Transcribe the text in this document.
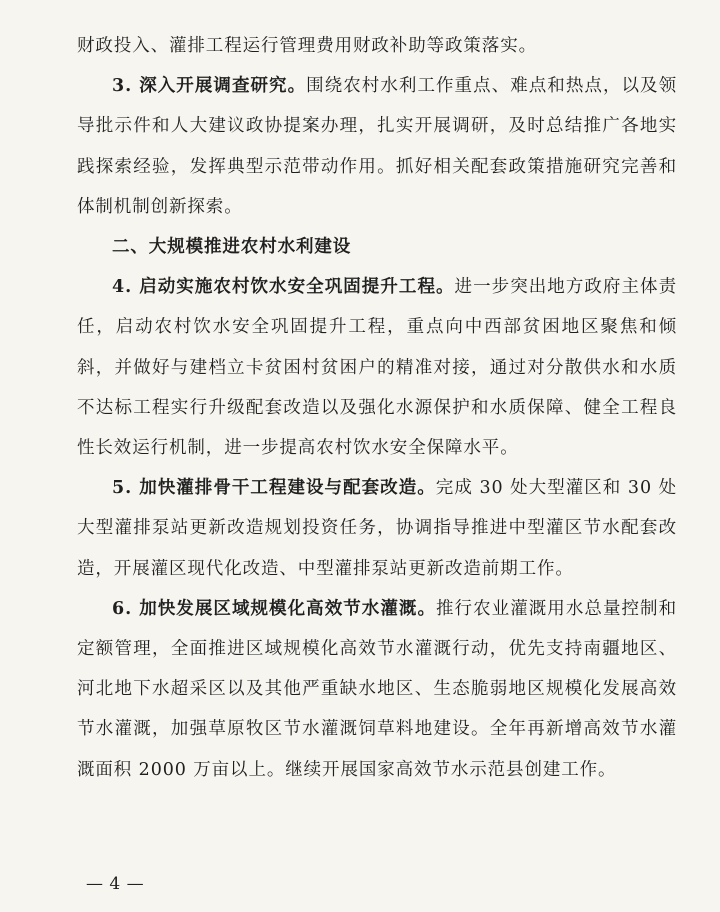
财政投入、灌排工程运行管理费用财政补助等政策落实。

3. 深入开展调查研究。围绕农村水利工作重点、难点和热点，以及领导批示件和人大建议政协提案办理，扎实开展调研，及时总结推广各地实践探索经验，发挥典型示范带动作用。抓好相关配套政策措施研究完善和体制机制创新探索。

二、大规模推进农村水利建设

4. 启动实施农村饮水安全巩固提升工程。进一步突出地方政府主体责任，启动农村饮水安全巩固提升工程，重点向中西部贫困地区聚焦和倾斜，并做好与建档立卡贫困村贫困户的精准对接，通过对分散供水和水质不达标工程实行升级配套改造以及强化水源保护和水质保障、健全工程良性长效运行机制，进一步提高农村饮水安全保障水平。

5. 加快灌排骨干工程建设与配套改造。完成 30 处大型灌区和 30 处大型灌排泵站更新改造规划投资任务，协调指导推进中型灌区节水配套改造，开展灌区现代化改造、中型灌排泵站更新改造前期工作。

6. 加快发展区域规模化高效节水灌溉。推行农业灌溉用水总量控制和定额管理，全面推进区域规模化高效节水灌溉行动，优先支持南疆地区、河北地下水超采区以及其他严重缺水地区、生态脆弱地区规模化发展高效节水灌溉，加强草原牧区节水灌溉饲草料地建设。全年再新增高效节水灌溉面积 2000 万亩以上。继续开展国家高效节水示范县创建工作。

— 4 —
